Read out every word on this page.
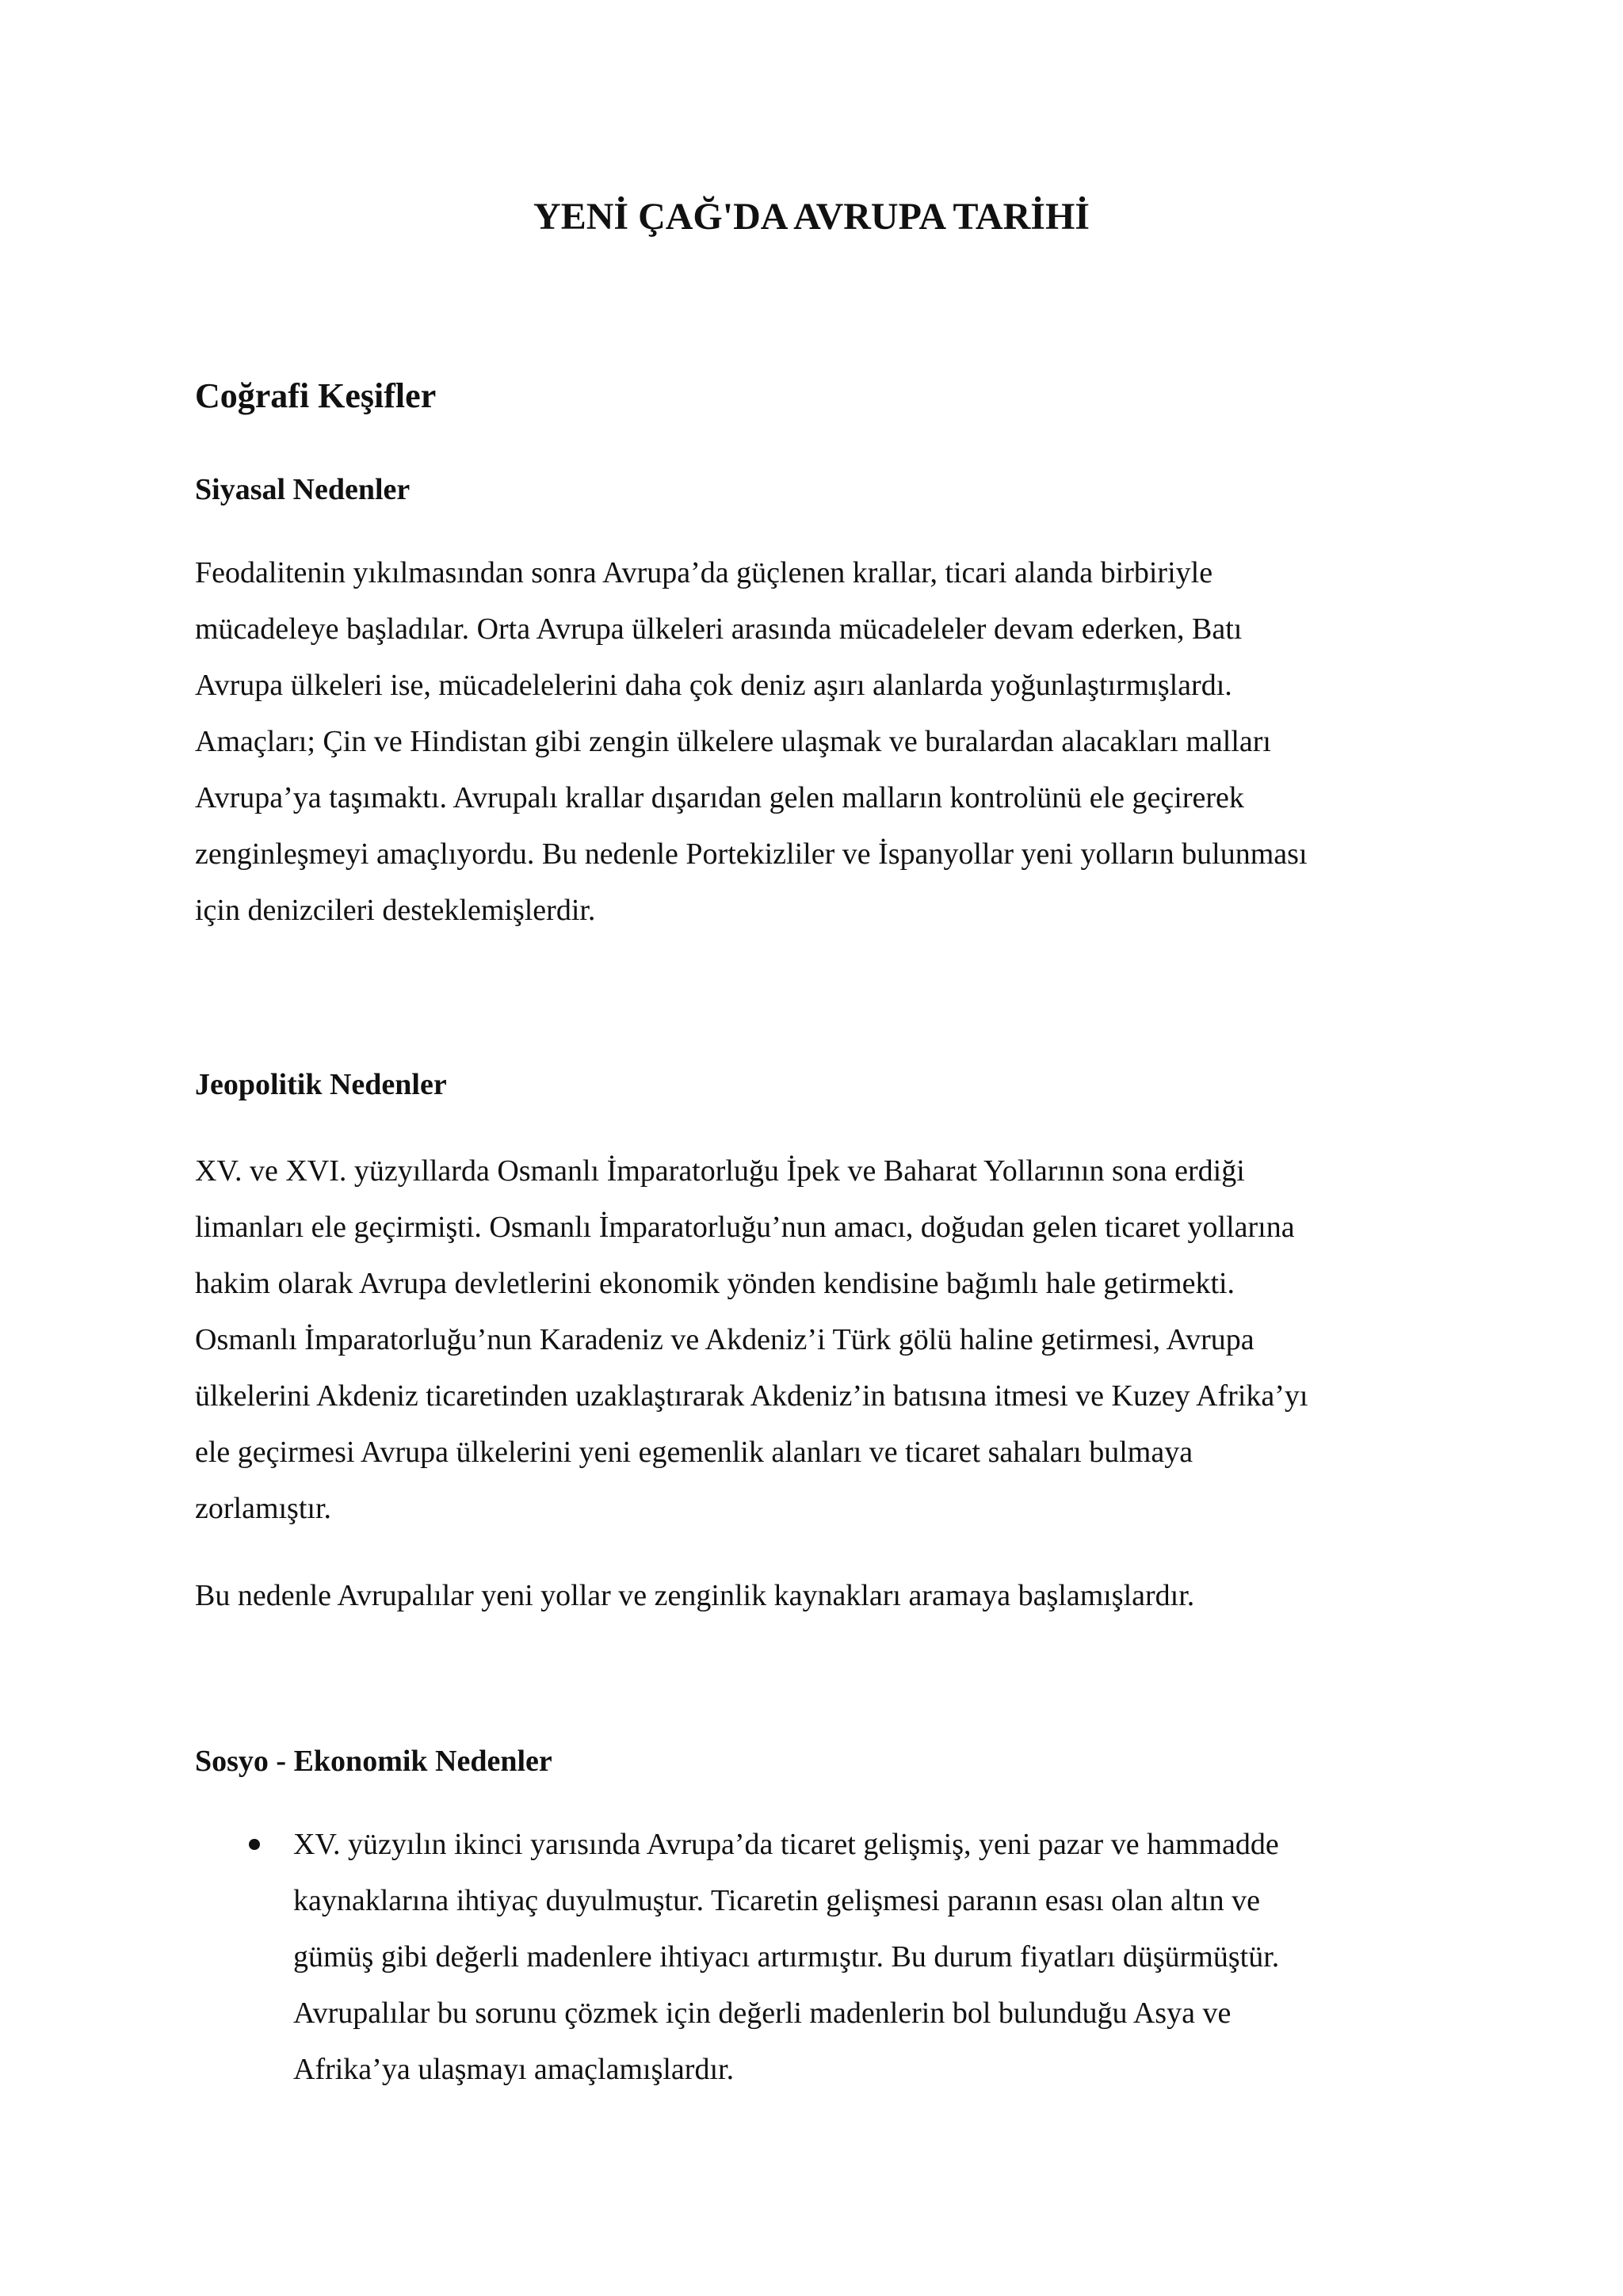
YENİ ÇAĞ'DA AVRUPA TARİHİ
Coğrafi Keşifler
Siyasal Nedenler

Feodalitenin yıkılmasından sonra Avrupa’da güçlenen krallar, ticari alanda birbiriyle
mücadeleye başladılar. Orta Avrupa ülkeleri arasında mücadeleler devam ederken, Batı
Avrupa ülkeleri ise, mücadelelerini daha çok deniz aşırı alanlarda yoğunlaştırmışlardı.
Amaçları; Çin ve Hindistan gibi zengin ülkelere ulaşmak ve buralardan alacakları malları
Avrupa’ya taşımaktı. Avrupalı krallar dışarıdan gelen malların kontrolünü ele geçirerek
zenginleşmeyi amaçlıyordu. Bu nedenle Portekizliler ve İspanyollar yeni yolların bulunması
için denizcileri desteklemişlerdir.

Jeopolitik Nedenler

XV. ve XVI. yüzyıllarda Osmanlı İmparatorluğu İpek ve Baharat Yollarının sona erdiği
limanları ele geçirmişti. Osmanlı İmparatorluğu’nun amacı, doğudan gelen ticaret yollarına
hakim olarak Avrupa devletlerini ekonomik yönden kendisine bağımlı hale getirmekti.
Osmanlı İmparatorluğu’nun Karadeniz ve Akdeniz’i Türk gölü haline getirmesi, Avrupa
ülkelerini Akdeniz ticaretinden uzaklaştırarak Akdeniz’in batısına itmesi ve Kuzey Afrika’yı
ele geçirmesi Avrupa ülkelerini yeni egemenlik alanları ve ticaret sahaları bulmaya
zorlamıştır.

Bu nedenle Avrupalılar yeni yollar ve zenginlik kaynakları aramaya başlamışlardır.

Sosyo - Ekonomik Nedenler
XV. yüzyılın ikinci yarısında Avrupa’da ticaret gelişmiş, yeni pazar ve hammadde
kaynaklarına ihtiyaç duyulmuştur. Ticaretin gelişmesi paranın esası olan altın ve
gümüş gibi değerli madenlere ihtiyacı artırmıştır. Bu durum fiyatları düşürmüştür.
Avrupalılar bu sorunu çözmek için değerli madenlerin bol bulunduğu Asya ve
Afrika’ya ulaşmayı amaçlamışlardır.
